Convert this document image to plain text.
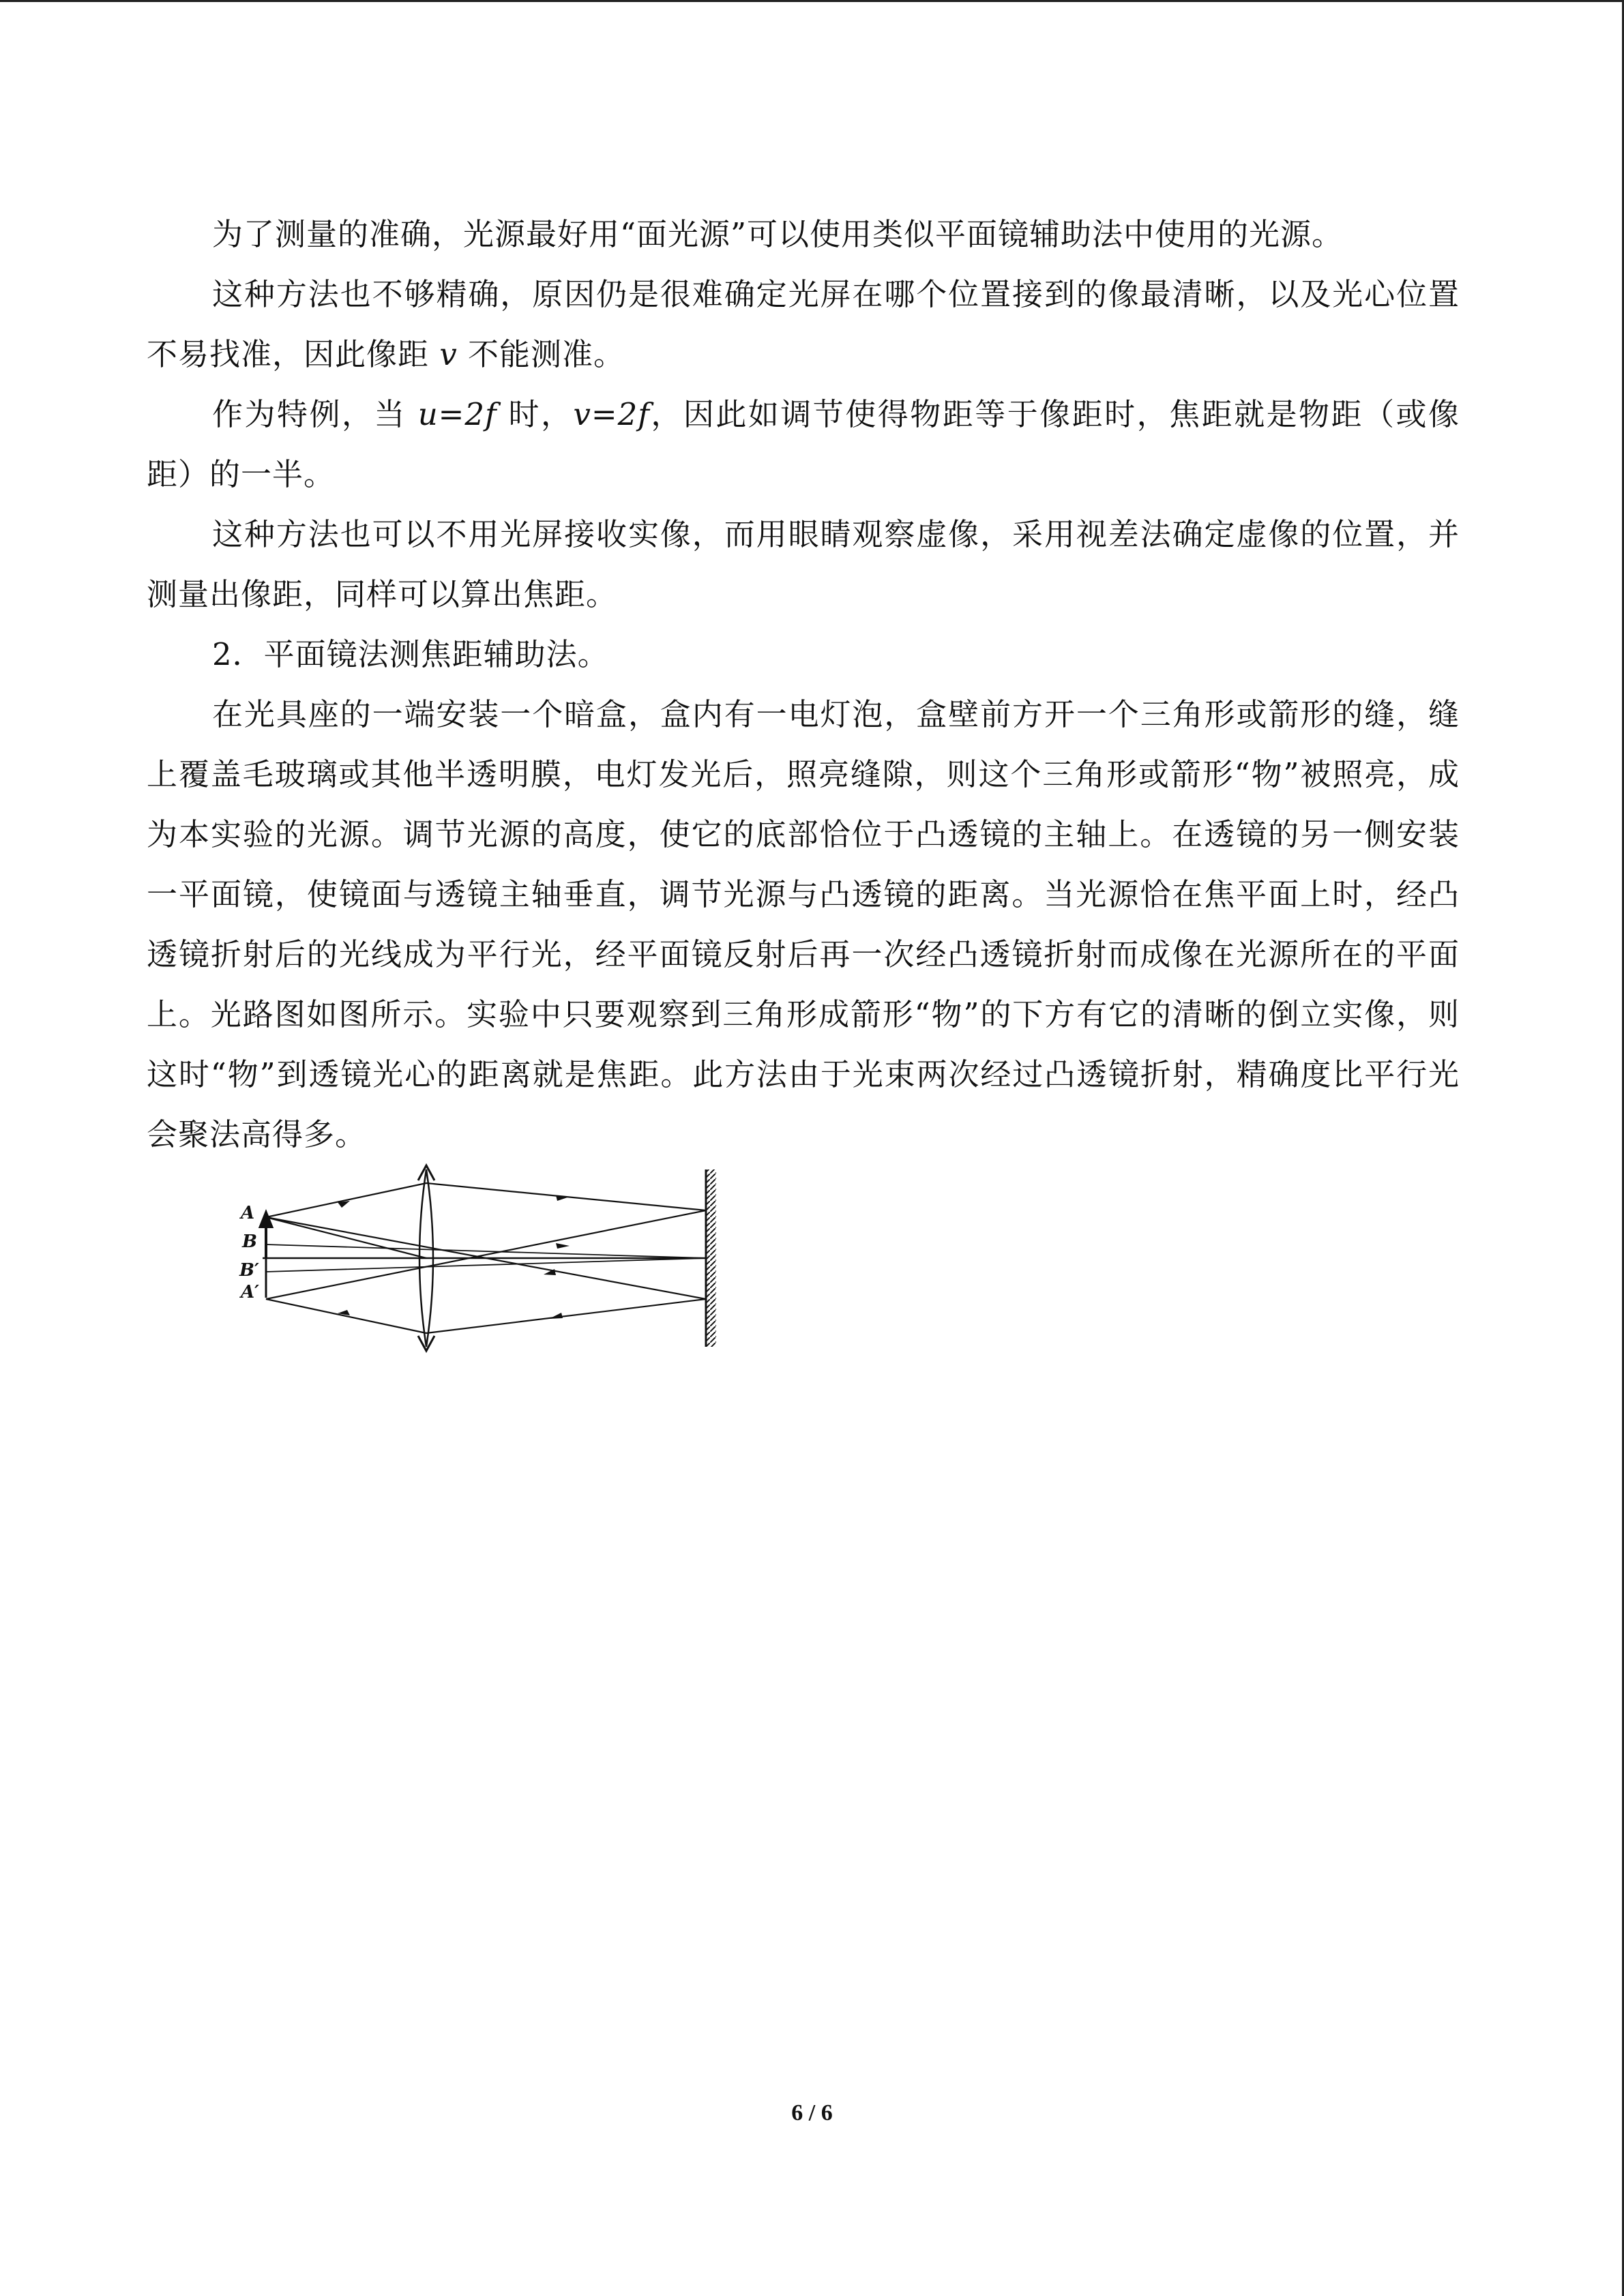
为了测量的准确，光源最好用“面光源”可以使用类似平面镜辅助法中使用的光源。

这种方法也不够精确，原因仍是很难确定光屏在哪个位置接到的像最清晰，以及光心位置不易找准，因此像距 v 不能测准。

作为特例，当 u=2f 时，v=2f，因此如调节使得物距等于像距时，焦距就是物距（或像距）的一半。

这种方法也可以不用光屏接收实像，而用眼睛观察虚像，采用视差法确定虚像的位置，并测量出像距，同样可以算出焦距。

2．平面镜法测焦距辅助法。

在光具座的一端安装一个暗盒，盒内有一电灯泡，盒壁前方开一个三角形或箭形的缝，缝上覆盖毛玻璃或其他半透明膜，电灯发光后，照亮缝隙，则这个三角形或箭形“物”被照亮，成为本实验的光源。调节光源的高度，使它的底部恰位于凸透镜的主轴上。在透镜的另一侧安装一平面镜，使镜面与透镜主轴垂直，调节光源与凸透镜的距离。当光源恰在焦平面上时，经凸透镜折射后的光线成为平行光，经平面镜反射后再一次经凸透镜折射而成像在光源所在的平面上。光路图如图所示。实验中只要观察到三角形成箭形“物”的下方有它的清晰的倒立实像，则这时“物”到透镜光心的距离就是焦距。此方法由于光束两次经过凸透镜折射，精确度比平行光会聚法高得多。

A
B
B′
A′
6 / 6
